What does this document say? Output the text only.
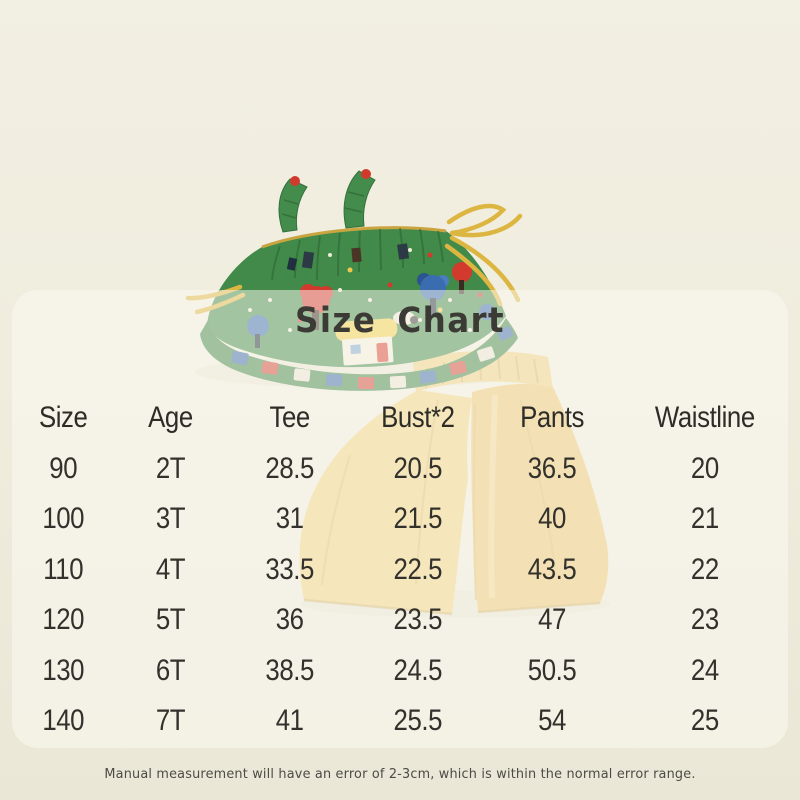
Size Chart
Size	Age	Tee	Bust*2	Pants	Waistline
90	2T	28.5	20.5	36.5	20
100	3T	31	21.5	40	21
110	4T	33.5	22.5	43.5	22
120	5T	36	23.5	47	23
130	6T	38.5	24.5	50.5	24
140	7T	41	25.5	54	25

Manual measurement will have an error of 2-3cm, which is within the normal error range.
